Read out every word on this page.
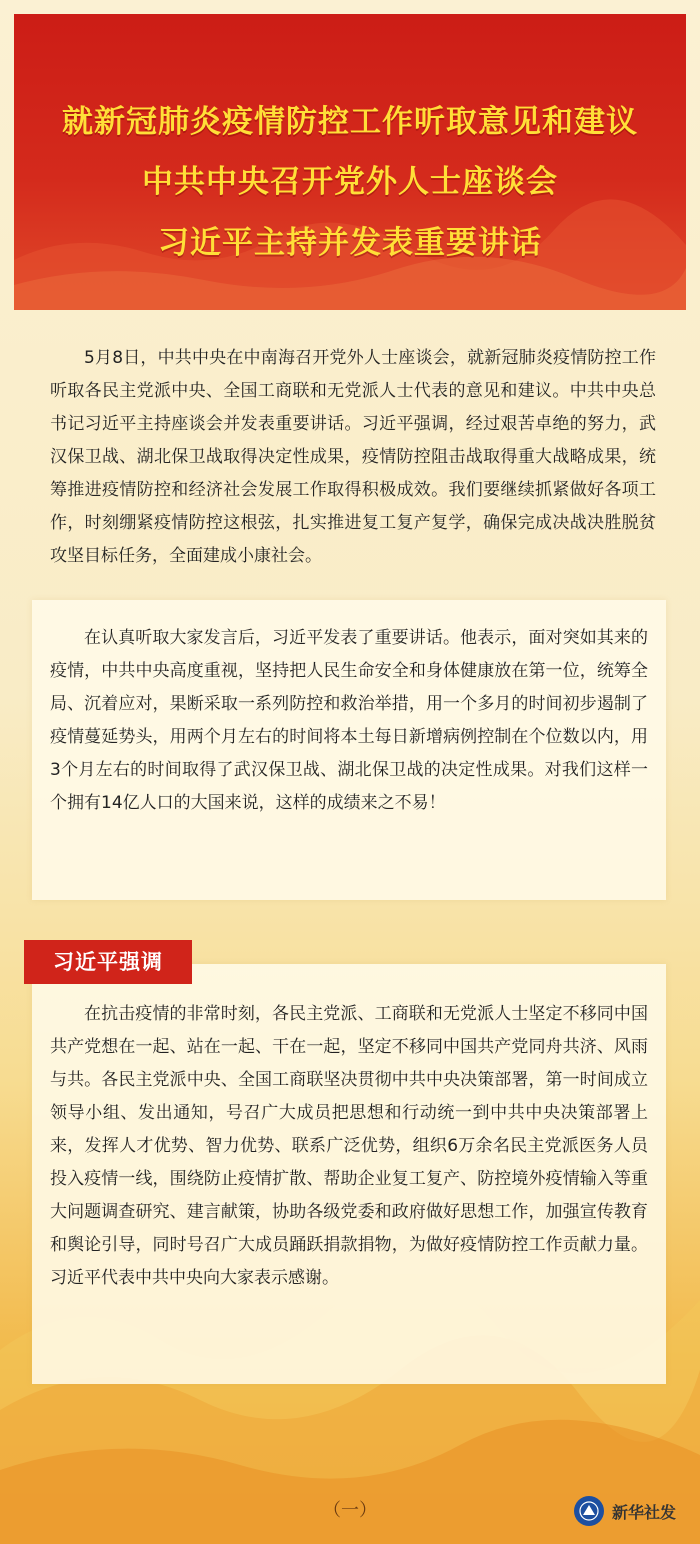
就新冠肺炎疫情防控工作听取意见和建议
中共中央召开党外人士座谈会
习近平主持并发表重要讲话

5月8日，中共中央在中南海召开党外人士座谈会，就新冠肺炎疫情防控工作听取各民主党派中央、全国工商联和无党派人士代表的意见和建议。中共中央总书记习近平主持座谈会并发表重要讲话。习近平强调，经过艰苦卓绝的努力，武汉保卫战、湖北保卫战取得决定性成果，疫情防控阻击战取得重大战略成果，统筹推进疫情防控和经济社会发展工作取得积极成效。我们要继续抓紧做好各项工作，时刻绷紧疫情防控这根弦，扎实推进复工复产复学，确保完成决战决胜脱贫攻坚目标任务，全面建成小康社会。

在认真听取大家发言后，习近平发表了重要讲话。他表示，面对突如其来的疫情，中共中央高度重视，坚持把人民生命安全和身体健康放在第一位，统筹全局、沉着应对，果断采取一系列防控和救治举措，用一个多月的时间初步遏制了疫情蔓延势头，用两个月左右的时间将本土每日新增病例控制在个位数以内，用3个月左右的时间取得了武汉保卫战、湖北保卫战的决定性成果。对我们这样一个拥有14亿人口的大国来说，这样的成绩来之不易！

在抗击疫情的非常时刻，各民主党派、工商联和无党派人士坚定不移同中国共产党想在一起、站在一起、干在一起，坚定不移同中国共产党同舟共济、风雨与共。各民主党派中央、全国工商联坚决贯彻中共中央决策部署，第一时间成立领导小组、发出通知，号召广大成员把思想和行动统一到中共中央决策部署上来，发挥人才优势、智力优势、联系广泛优势，组织6万余名民主党派医务人员投入疫情一线，围绕防止疫情扩散、帮助企业复工复产、防控境外疫情输入等重大问题调查研究、建言献策，协助各级党委和政府做好思想工作，加强宣传教育和舆论引导，同时号召广大成员踊跃捐款捐物，为做好疫情防控工作贡献力量。习近平代表中共中央向大家表示感谢。

习近平强调
（一）	新华社发
